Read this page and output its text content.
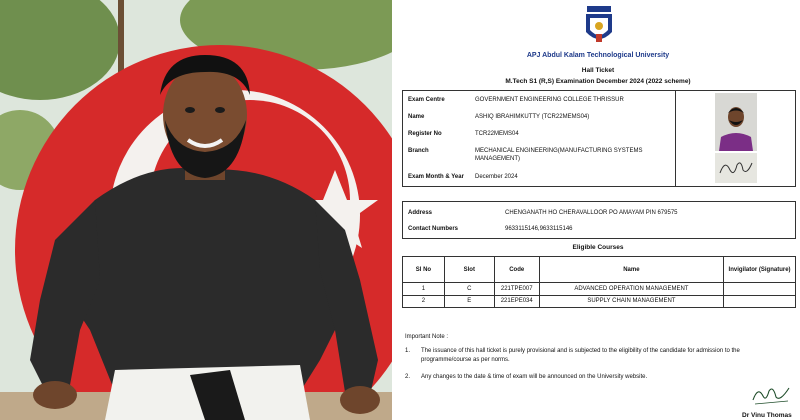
APJ Abdul Kalam Technological University
Hall Ticket
M.Tech S1 (R,S) Examination December 2024 (2022 scheme)
Exam Centre	GOVERNMENT ENGINEERING COLLEGE THRISSUR
Name	ASHIQ IBRAHIMKUTTY (TCR22MEMS04)
Register No	TCR22MEMS04
Branch	MECHANICAL ENGINEERING(MANUFACTURING SYSTEMS MANAGEMENT)
Exam Month & Year	December 2024
Address	CHENGANATH HO CHERAVALLOOR PO AMAYAM PIN 679575
Contact Numbers	9633115146,9633115146
Eligible Courses
Sl No	Slot	Code	Name	Invigilator (Signature)
1	C	221TPE007	ADVANCED OPERATION MANAGEMENT	
2	E	221EPE034	SUPPLY CHAIN MANAGEMENT	
Important Note :
1. The issuance of this hall ticket is purely provisional and is subjected to the eligibility of the candidate for admission to the programme/course as per norms.
2. Any changes to the date & time of exam will be announced on the University website.
Dr Vinu Thomas
